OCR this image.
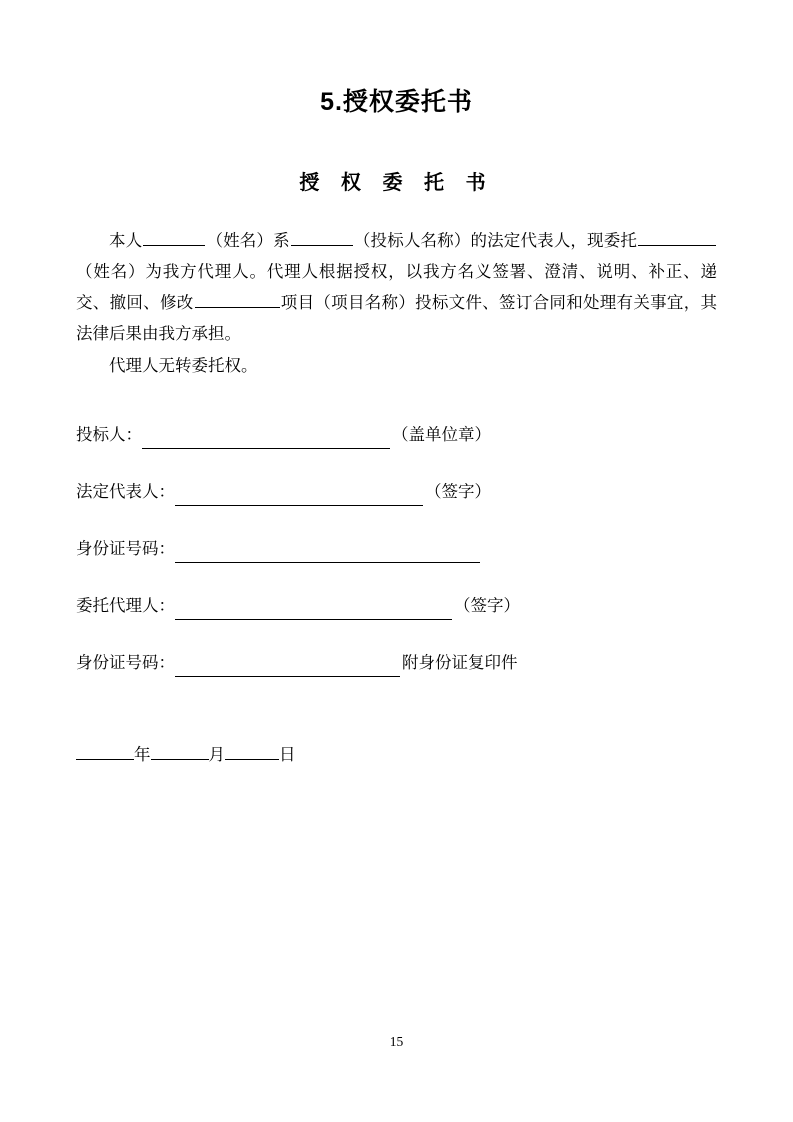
5.授权委托书
授 权 委 托 书

本人	（姓名）系	（投标人名称）的法定代表人，现委托（姓名）为我方代理人。代理人根据授权，以我方名义签署、澄清、说明、补正、递交、撤回、修改	项目（项目名称）投标文件、签订合同和处理有关事宜，其法律后果由我方承担。

代理人无转委托权。

投标人：	（盖单位章）
法定代表人：	（签字）
身份证号码：
委托代理人：	（签字）
身份证号码：	附身份证复印件
年	月	日
15
